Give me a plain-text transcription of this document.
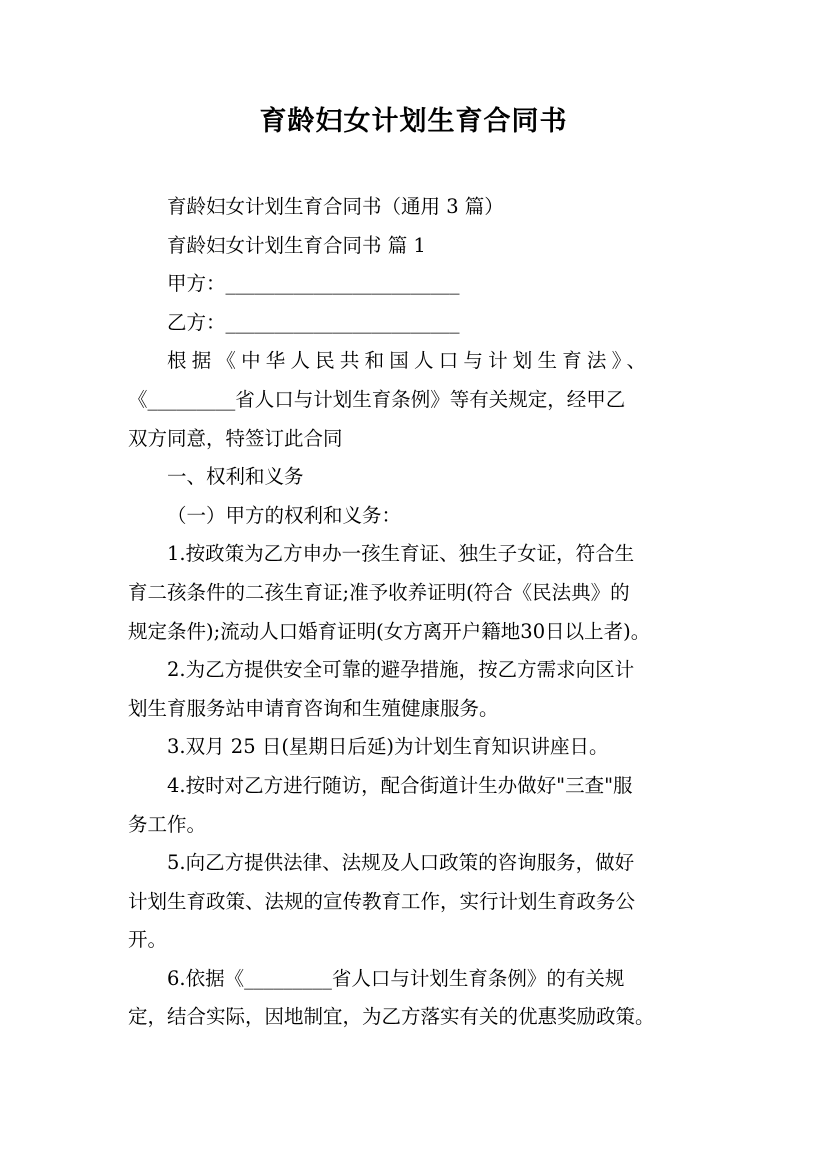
育龄妇女计划生育合同书

育龄妇女计划生育合同书（通用 3 篇）

育龄妇女计划生育合同书 篇 1

甲方：________________________

乙方：________________________

根据《中华人民共和国人口与计划生育法》、
《_________省人口与计划生育条例》等有关规定，经甲乙
双方同意，特签订此合同

一、权利和义务

（一）甲方的权利和义务：

1.按政策为乙方申办一孩生育证、独生子女证，符合生
育二孩条件的二孩生育证;准予收养证明(符合《民法典》的
规定条件);流动人口婚育证明(女方离开户籍地30日以上者)。

2.为乙方提供安全可靠的避孕措施，按乙方需求向区计
划生育服务站申请育咨询和生殖健康服务。

3.双月 25 日(星期日后延)为计划生育知识讲座日。

4.按时对乙方进行随访，配合街道计生办做好"三查"服
务工作。

5.向乙方提供法律、法规及人口政策的咨询服务，做好
计划生育政策、法规的宣传教育工作，实行计划生育政务公
开。

6.依据《_________省人口与计划生育条例》的有关规
定，结合实际，因地制宜，为乙方落实有关的优惠奖励政策。
